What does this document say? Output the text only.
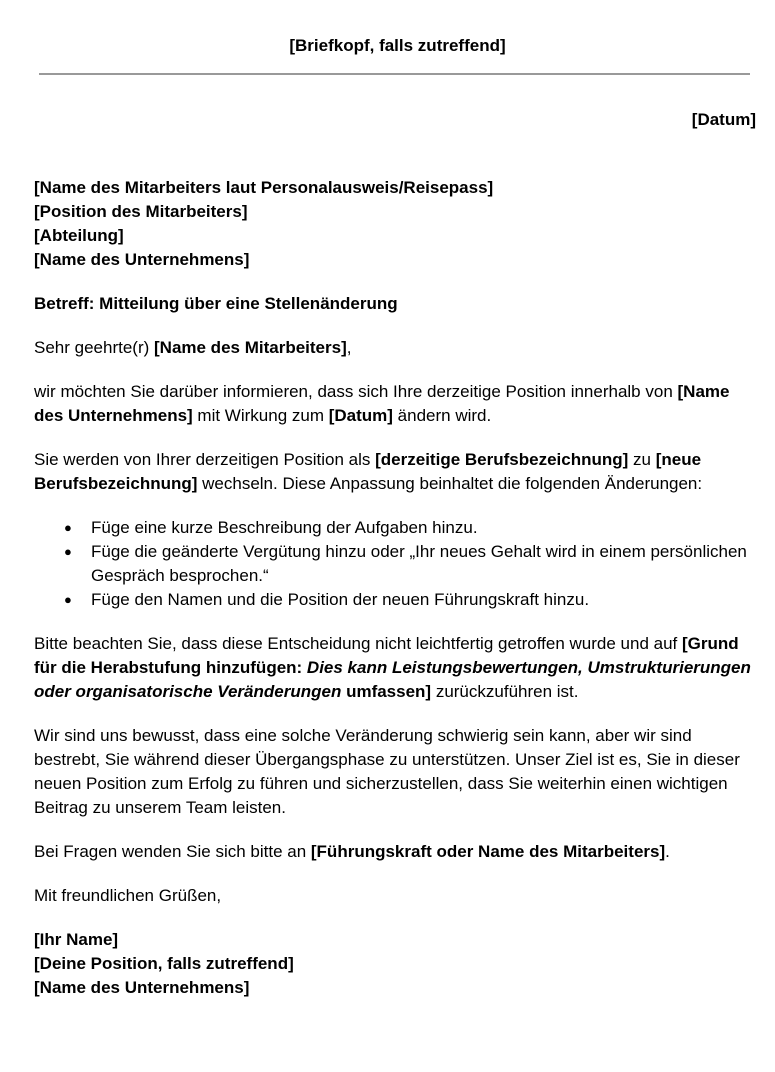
[Briefkopf, falls zutreffend]
[Datum]

[Name des Mitarbeiters laut Personalausweis/Reisepass]
[Position des Mitarbeiters]
[Abteilung]
[Name des Unternehmens]

Betreff: Mitteilung über eine Stellenänderung

Sehr geehrte(r) [Name des Mitarbeiters],

wir möchten Sie darüber informieren, dass sich Ihre derzeitige Position innerhalb von [Name des Unternehmens] mit Wirkung zum [Datum] ändern wird.

Sie werden von Ihrer derzeitigen Position als [derzeitige Berufsbezeichnung] zu [neue Berufsbezeichnung] wechseln. Diese Anpassung beinhaltet die folgenden Änderungen:

● Füge eine kurze Beschreibung der Aufgaben hinzu.
● Füge die geänderte Vergütung hinzu oder „Ihr neues Gehalt wird in einem persönlichen Gespräch besprochen.“
● Füge den Namen und die Position der neuen Führungskraft hinzu.

Bitte beachten Sie, dass diese Entscheidung nicht leichtfertig getroffen wurde und auf [Grund für die Herabstufung hinzufügen: Dies kann Leistungsbewertungen, Umstrukturierungen oder organisatorische Veränderungen umfassen] zurückzuführen ist.

Wir sind uns bewusst, dass eine solche Veränderung schwierig sein kann, aber wir sind bestrebt, Sie während dieser Übergangsphase zu unterstützen. Unser Ziel ist es, Sie in dieser neuen Position zum Erfolg zu führen und sicherzustellen, dass Sie weiterhin einen wichtigen Beitrag zu unserem Team leisten.

Bei Fragen wenden Sie sich bitte an [Führungskraft oder Name des Mitarbeiters].

Mit freundlichen Grüßen,

[Ihr Name]
[Deine Position, falls zutreffend]
[Name des Unternehmens]
